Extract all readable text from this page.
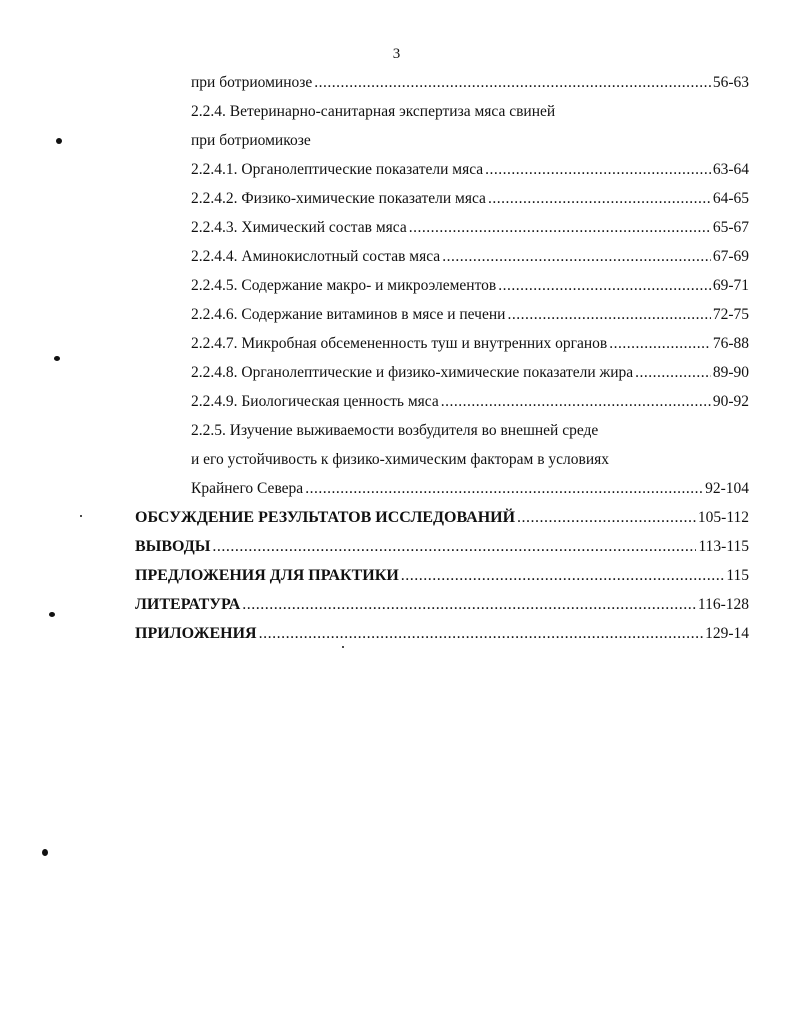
3
при ботриоминозе .....	56-63
2.2.4. Ветеринарно-санитарная экспертиза мяса свиней
при ботриомикозе
2.2.4.1. Органолептические показатели мяса .....	63-64
2.2.4.2. Физико-химические показатели мяса .....	64-65
2.2.4.3. Химический состав мяса .....	65-67
2.2.4.4. Аминокислотный состав мяса .....	67-69
2.2.4.5. Содержание макро- и микроэлементов .....	69-71
2.2.4.6. Содержание витаминов в мясе и печени .....	72-75
2.2.4.7. Микробная обсемененность туш и внутренних органов .....	76-88
2.2.4.8. Органолептические и физико-химические показатели жира .....	89-90
2.2.4.9. Биологическая ценность мяса .....	90-92
2.2.5. Изучение выживаемости возбудителя во внешней среде
и его устойчивость к физико-химическим факторам в условиях
Крайнего Севера .....	92-104
ОБСУЖДЕНИЕ РЕЗУЛЬТАТОВ ИССЛЕДОВАНИЙ .....	105-112
ВЫВОДЫ .....	113-115
ПРЕДЛОЖЕНИЯ ДЛЯ ПРАКТИКИ .....	115
ЛИТЕРАТУРА .....	116-128
ПРИЛОЖЕНИЯ .....	129-14
